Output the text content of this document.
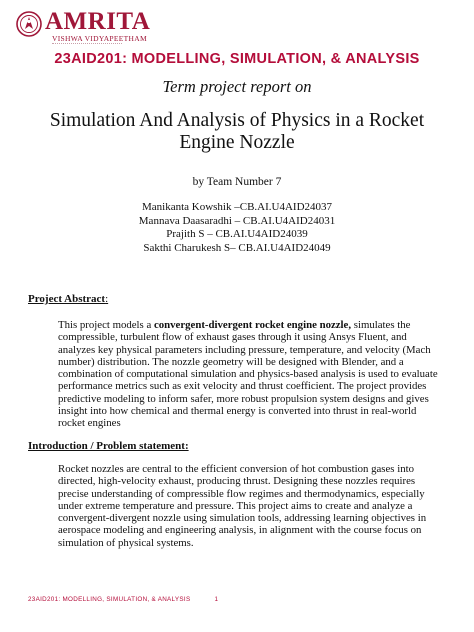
AMRITA
VISHWA VIDYAPEETHAM
23AID201: MODELLING, SIMULATION, & ANALYSIS
Term project report on
Simulation And Analysis of Physics in a Rocket
Engine Nozzle
by Team Number 7
Manikanta Kowshik –CB.AI.U4AID24037
Mannava Daasaradhi – CB.AI.U4AID24031
Prajith S – CB.AI.U4AID24039
Sakthi Charukesh S– CB.AI.U4AID24049
Project Abstract:
This project models a convergent-divergent rocket engine nozzle, simulates the compressible, turbulent flow of exhaust gases through it using Ansys Fluent, and analyzes key physical parameters including pressure, temperature, and velocity (Mach number) distribution. The nozzle geometry will be designed with Blender, and a combination of computational simulation and physics-based analysis is used to evaluate performance metrics such as exit velocity and thrust coefficient. The project provides predictive modeling to inform safer, more robust propulsion system designs and gives insight into how chemical and thermal energy is converted into thrust in real-world rocket engines
Introduction / Problem statement:
Rocket nozzles are central to the efficient conversion of hot combustion gases into directed, high-velocity exhaust, producing thrust. Designing these nozzles requires precise understanding of compressible flow regimes and thermodynamics, especially under extreme temperature and pressure. This project aims to create and analyze a convergent-divergent nozzle using simulation tools, addressing learning objectives in aerospace modeling and engineering analysis, in alignment with the course focus on simulation of physical systems.
23AID201: MODELLING, SIMULATION, & ANALYSIS	1
